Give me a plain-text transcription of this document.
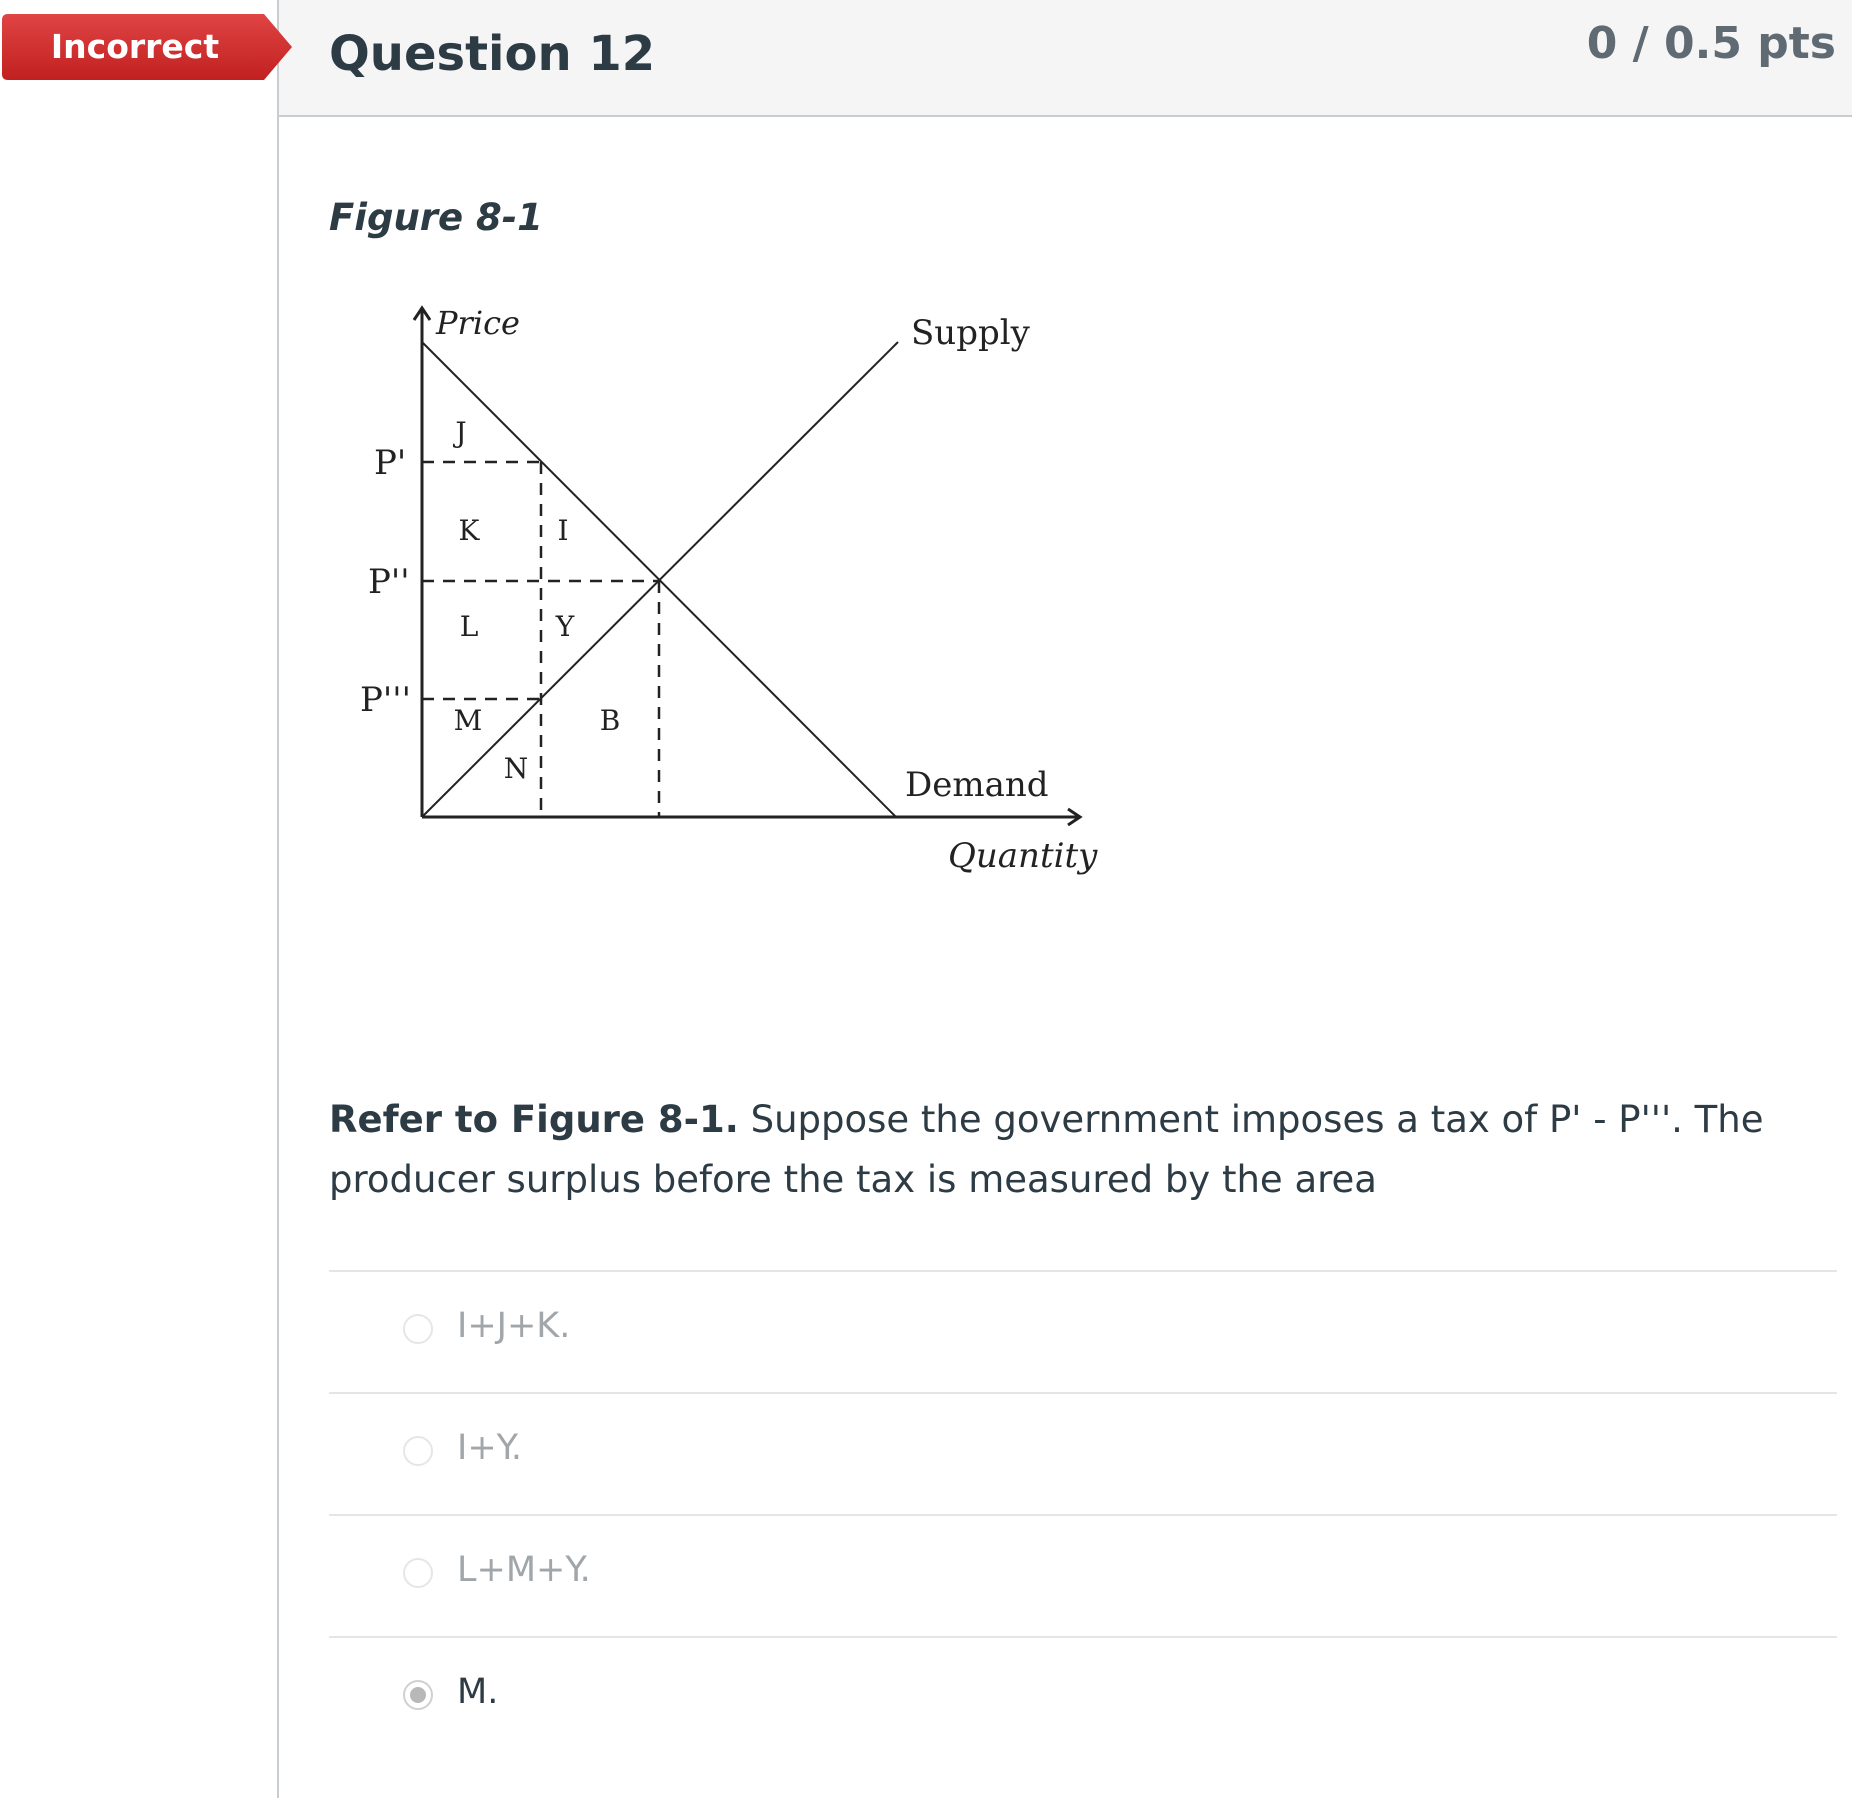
0 / 0.5 pts
Incorrect	Question 12
Figure 8-1
Price
Quantity
Supply
Demand
P'
P''
P'''
J
K	I
L	Y
M	B
N
Refer to Figure 8-1. Suppose the government imposes a tax of P' - P'''. The producer surplus before the tax is measured by the area
I+J+K.
I+Y.
L+M+Y.
M.
